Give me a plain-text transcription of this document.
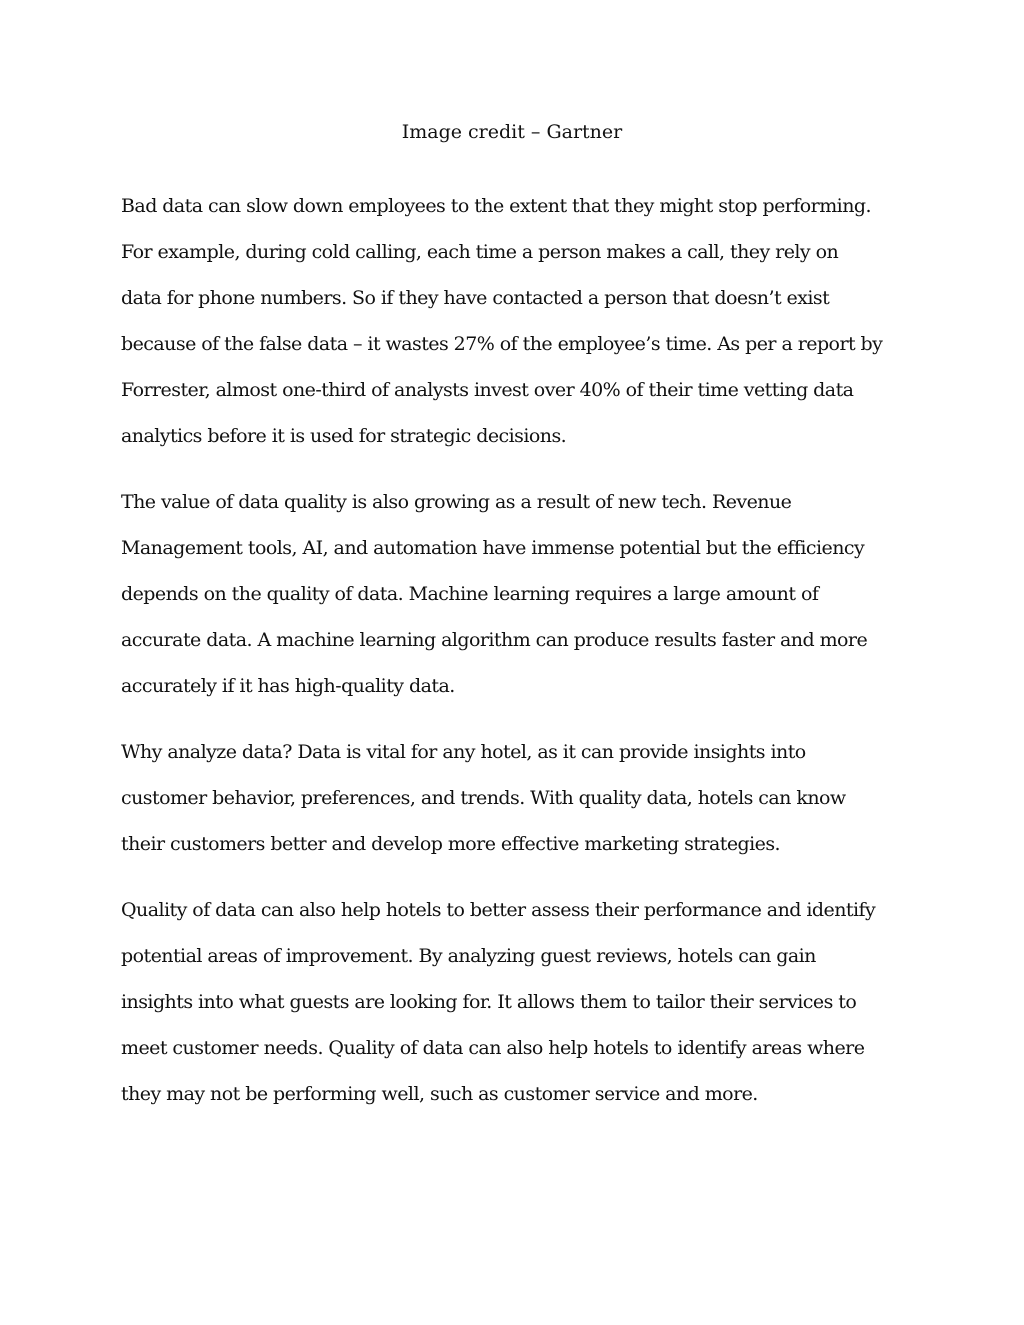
Image credit – Gartner

Bad data can slow down employees to the extent that they might stop performing.
For example, during cold calling, each time a person makes a call, they rely on
data for phone numbers. So if they have contacted a person that doesn’t exist
because of the false data – it wastes 27% of the employee’s time. As per a report by
Forrester, almost one-third of analysts invest over 40% of their time vetting data
analytics before it is used for strategic decisions.

The value of data quality is also growing as a result of new tech. Revenue
Management tools, AI, and automation have immense potential but the efficiency
depends on the quality of data. Machine learning requires a large amount of
accurate data. A machine learning algorithm can produce results faster and more
accurately if it has high-quality data.

Why analyze data? Data is vital for any hotel, as it can provide insights into
customer behavior, preferences, and trends. With quality data, hotels can know
their customers better and develop more effective marketing strategies.

Quality of data can also help hotels to better assess their performance and identify
potential areas of improvement. By analyzing guest reviews, hotels can gain
insights into what guests are looking for. It allows them to tailor their services to
meet customer needs. Quality of data can also help hotels to identify areas where
they may not be performing well, such as customer service and more.
